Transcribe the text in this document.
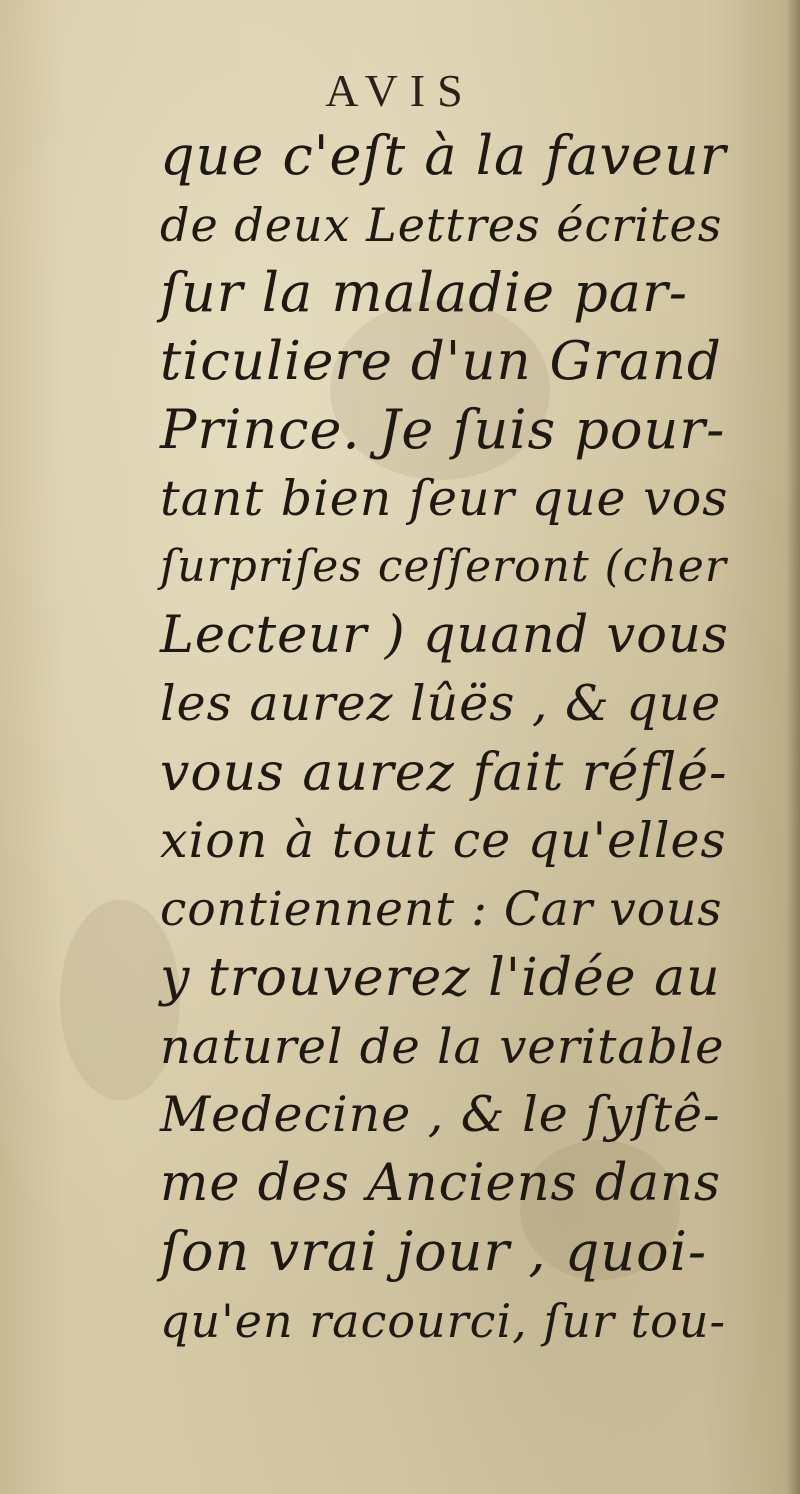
AVIS
que c'eſt à la faveur
de deux Lettres écrites
ſur la maladie par-
ticuliere d'un Grand
Prince. Je ſuis pour-
tant bien ſeur que vos
ſurpriſes ceſſeront (cher
Lecteur ) quand vous
les aurez lûës , & que
vous aurez fait réflé-
xion à tout ce qu'elles
contiennent : Car vous
y trouverez l'idée au
naturel de la veritable
Medecine , & le ſyſtê-
me des Anciens dans
ſon vrai jour , quoi-
qu'en racourci, ſur tou-
